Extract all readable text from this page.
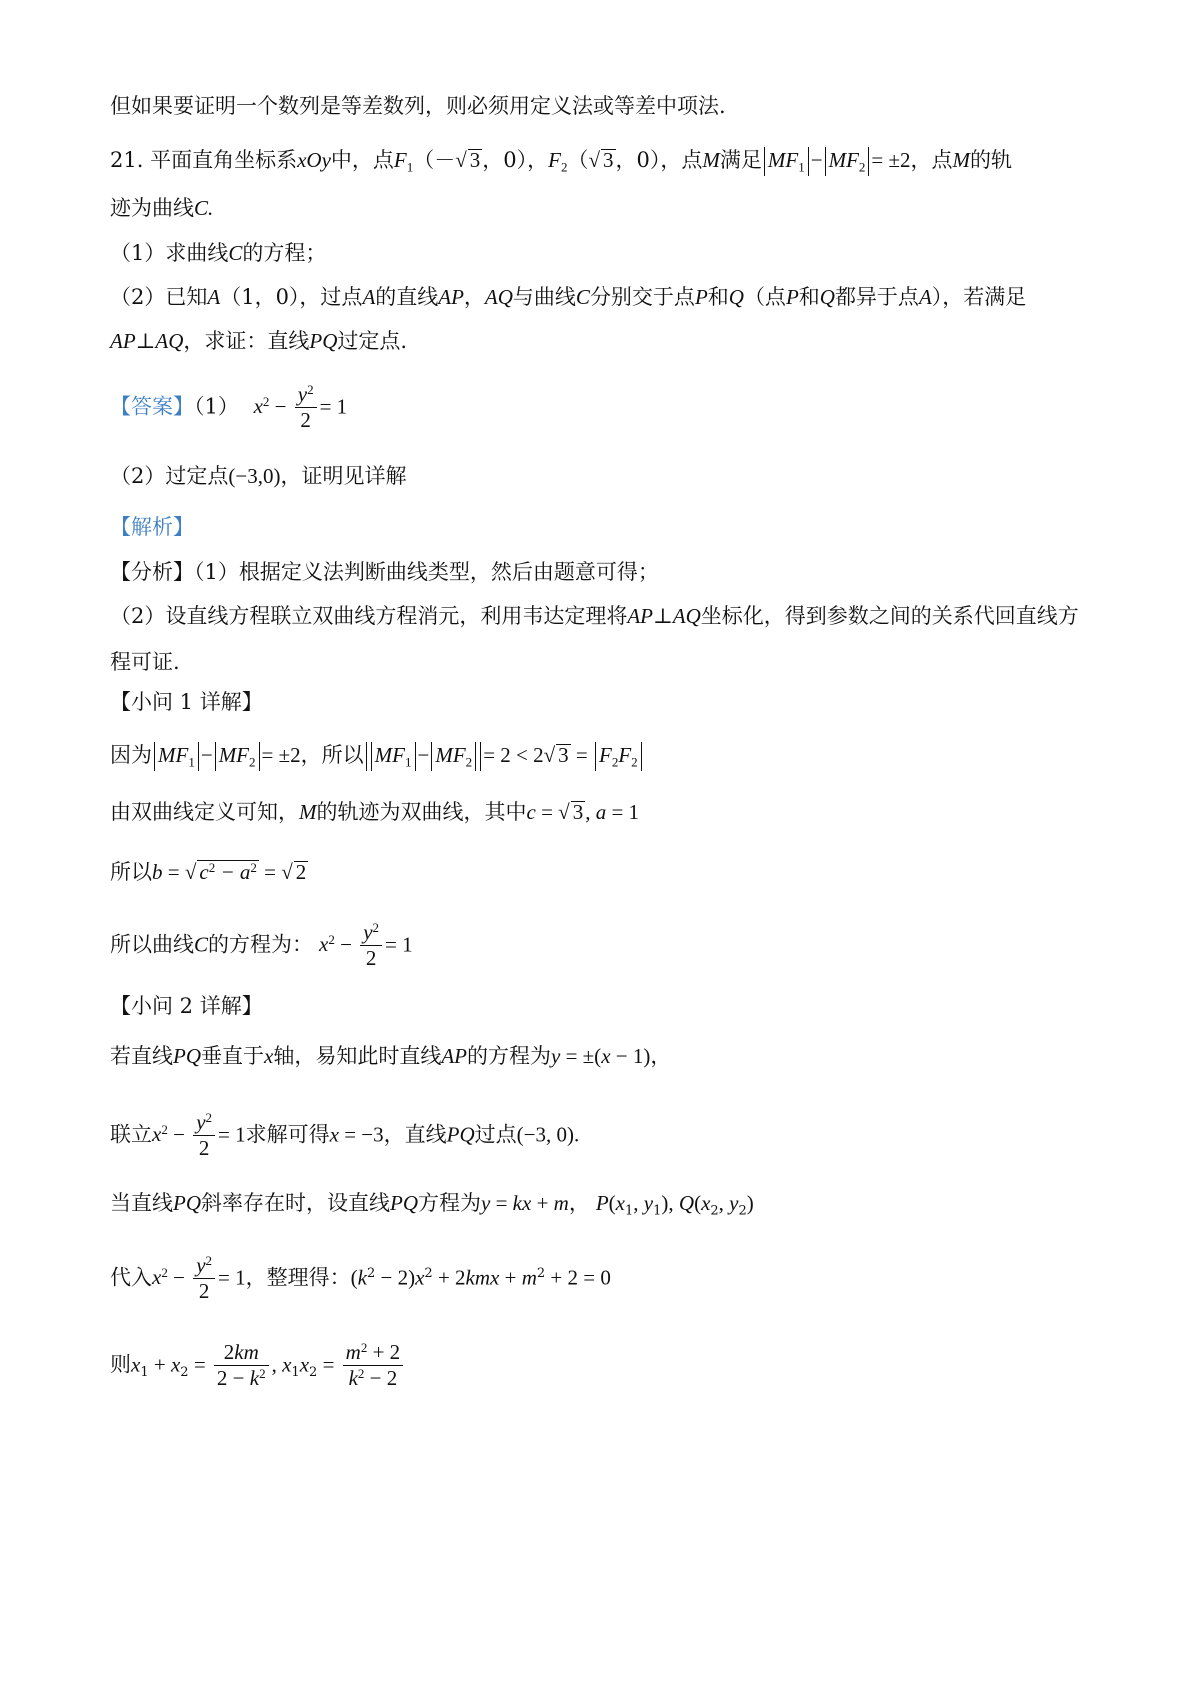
但如果要证明一个数列是等差数列，则必须用定义法或等差中项法.
21. 平面直角坐标系xOy中，点$F_1(-√$ 3，0），$F_2(√$ 3，0），点M满足 $MF_1 - MF_2 = \pm 2$，点M的轨
迹为曲线C.
（1）求曲线C的方程；
（2）已知A（1，0），过点A的直线AP，AQ与曲线C分别交于点P和Q（点P和Q都异于点A），若满足
AP⊥AQ，求证：直线PQ过定点.
【答案】（1） $x^2 - \frac{y^2}{2} = 1$
（2）过定点(−3,0)，证明见详解
【解析】
【分析】（1）根据定义法判断曲线类型，然后由题意可得；
（2）设直线方程联立双曲线方程消元，利用韦达定理将AP⊥AQ坐标化，得到参数之间的关系代回直线方
程可证.
【小问 1 详解】
因为 $MF_1 - MF_2 = \pm 2$，所以 $MF_1 - MF_2 = 2 < 2√$ $3 = F_2F_2$
由双曲线定义可知，M的轨迹为双曲线，其中c = √ 3, a = 1
所以b = √ $c^2 - a^2$ = √ 2
所以曲线C的方程为： $x^2 - \frac{y^2}{2} = 1$
【小问 2 详解】
若直线PQ垂直于x轴，易知此时直线AP的方程为y = ±(x − 1)，
联立$x^2 - \frac{y^2}{2} = 1$求解可得x = −3，直线PQ过点(−3, 0).
当直线PQ斜率存在时，设直线PQ方程为y = kx + m， $P(x_1$, $y_1$), $Q(x_2$, $y_2$)
代入$x^2 - \frac{y^2}{2} = 1$，整理得：$(k^2 - 2)x^2 + 2kmx + m^2 + 2 = 0$
则$x_1 + x_2 = \frac{2km}{2 - k^2}$ , $x_1x_2 = \frac{m^2 + 2}{k^2 - 2}$
